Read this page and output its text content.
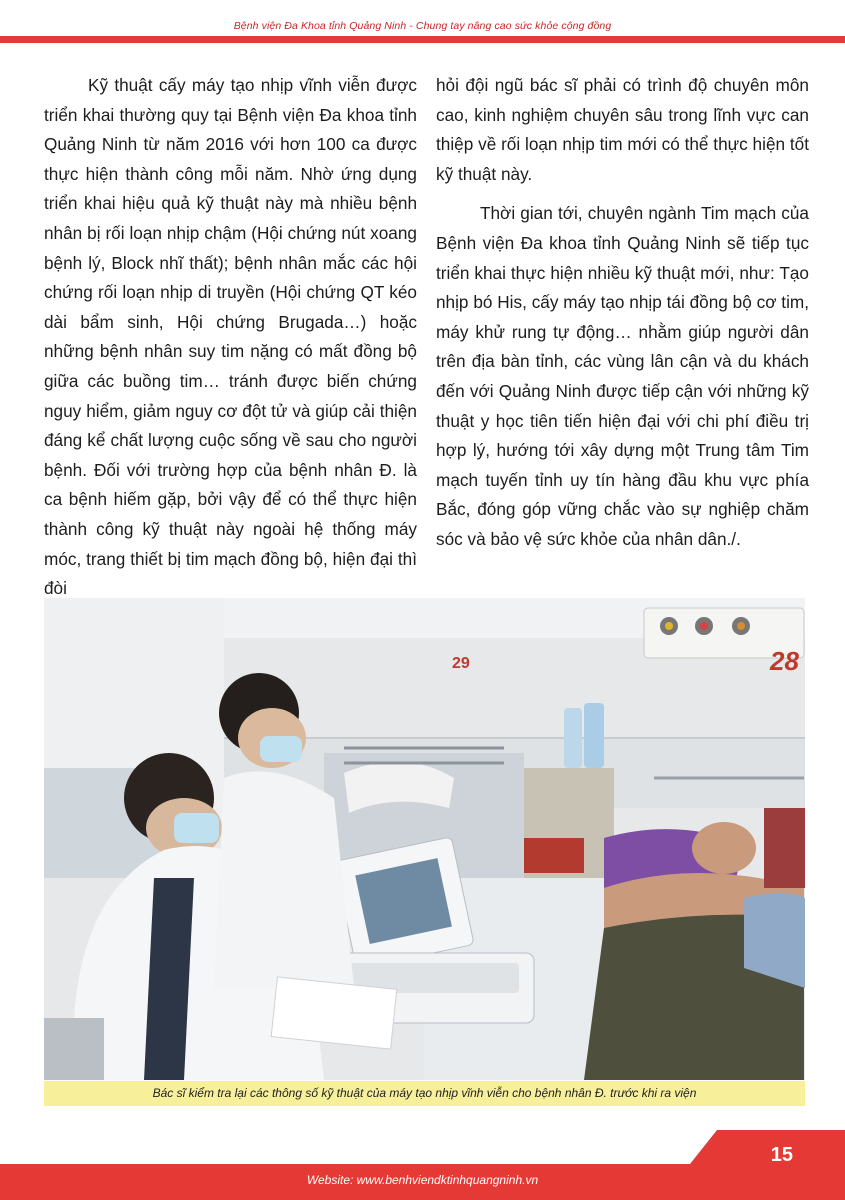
Bệnh viện Đa Khoa tỉnh Quảng Ninh - Chung tay nâng cao sức khỏe cộng đồng

Kỹ thuật cấy máy tạo nhịp vĩnh viễn được triển khai thường quy tại Bệnh viện Đa khoa tỉnh Quảng Ninh từ năm 2016 với hơn 100 ca được thực hiện thành công mỗi năm. Nhờ ứng dụng triển khai hiệu quả kỹ thuật này mà nhiều bệnh nhân bị rối loạn nhịp chậm (Hội chứng nút xoang bệnh lý, Block nhĩ thất); bệnh nhân mắc các hội chứng rối loạn nhịp di truyền (Hội chứng QT kéo dài bẩm sinh, Hội chứng Brugada…) hoặc những bệnh nhân suy tim nặng có mất đồng bộ giữa các buồng tim… tránh được biến chứng nguy hiểm, giảm nguy cơ đột tử và giúp cải thiện đáng kể chất lượng cuộc sống về sau cho người bệnh. Đối với trường hợp của bệnh nhân Đ. là ca bệnh hiếm gặp, bởi vậy để có thể thực hiện thành công kỹ thuật này ngoài hệ thống máy móc, trang thiết bị tim mạch đồng bộ, hiện đại thì đòi

hỏi đội ngũ bác sĩ phải có trình độ chuyên môn cao, kinh nghiệm chuyên sâu trong lĩnh vực can thiệp về rối loạn nhịp tim mới có thể thực hiện tốt kỹ thuật này.

Thời gian tới, chuyên ngành Tim mạch của Bệnh viện Đa khoa tỉnh Quảng Ninh sẽ tiếp tục triển khai thực hiện nhiều kỹ thuật mới, như: Tạo nhịp bó His, cấy máy tạo nhịp tái đồng bộ cơ tim, máy khử rung tự động… nhằm giúp người dân trên địa bàn tỉnh, các vùng lân cận và du khách đến với Quảng Ninh được tiếp cận với những kỹ thuật y học tiên tiến hiện đại với chi phí điều trị hợp lý, hướng tới xây dựng một Trung tâm Tim mạch tuyến tỉnh uy tín hàng đầu khu vực phía Bắc, đóng góp vững chắc vào sự nghiệp chăm sóc và bảo vệ sức khỏe của nhân dân./.

29	28
Bác sĩ kiểm tra lại các thông số kỹ thuật của máy tạo nhịp vĩnh viễn cho bệnh nhân Đ. trước khi ra viện
15
Website: www.benhviendktinhquangninh.vn
